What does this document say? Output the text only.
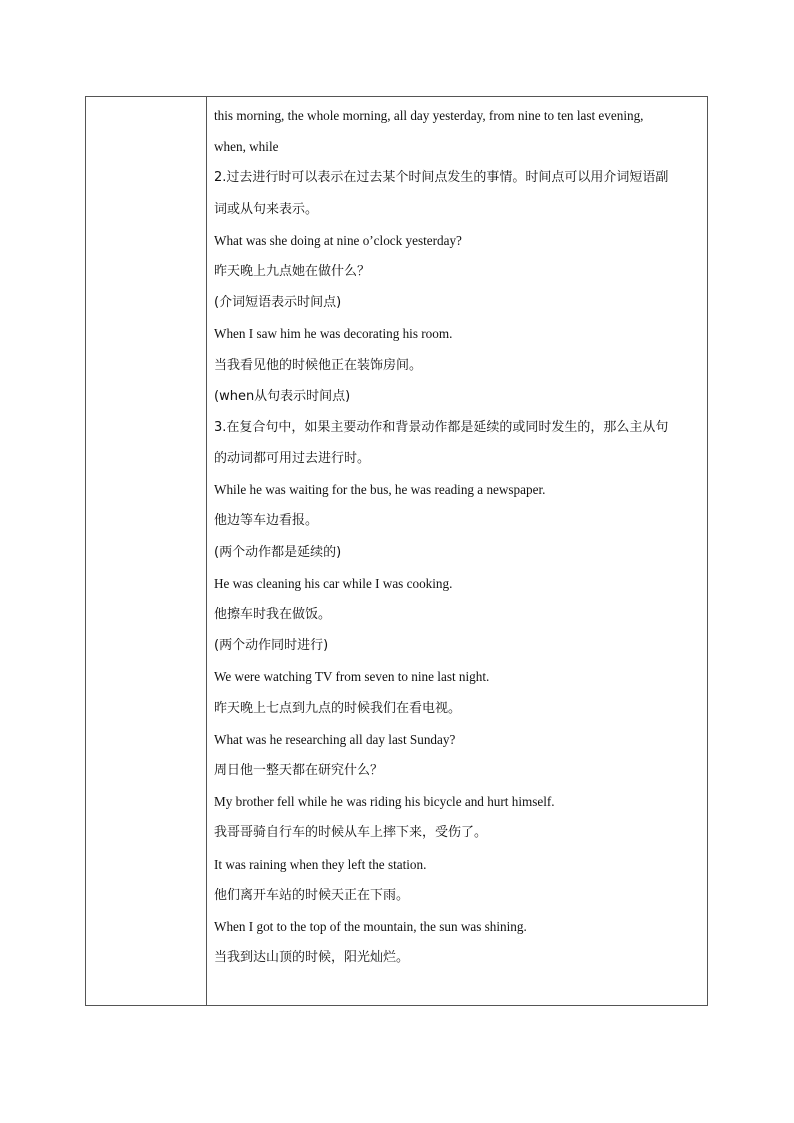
this morning, the whole morning, all day yesterday, from nine to ten last evening,
when, while
2.过去进行时可以表示在过去某个时间点发生的事情。时间点可以用介词短语副
词或从句来表示。
What was she doing at nine o’clock yesterday?
昨天晚上九点她在做什么？
(介词短语表示时间点)
When I saw him he was decorating his room.
当我看见他的时候他正在装饰房间。
(when从句表示时间点)
3.在复合句中，如果主要动作和背景动作都是延续的或同时发生的，那么主从句
的动词都可用过去进行时。
While he was waiting for the bus, he was reading a newspaper.
他边等车边看报。
(两个动作都是延续的)
He was cleaning his car while I was cooking.
他擦车时我在做饭。
(两个动作同时进行)
We were watching TV from seven to nine last night.
昨天晚上七点到九点的时候我们在看电视。
What was he researching all day last Sunday?
周日他一整天都在研究什么？
My brother fell while he was riding his bicycle and hurt himself.
我哥哥骑自行车的时候从车上摔下来，受伤了。
It was raining when they left the station.
他们离开车站的时候天正在下雨。
When I got to the top of the mountain, the sun was shining.
当我到达山顶的时候，阳光灿烂。
